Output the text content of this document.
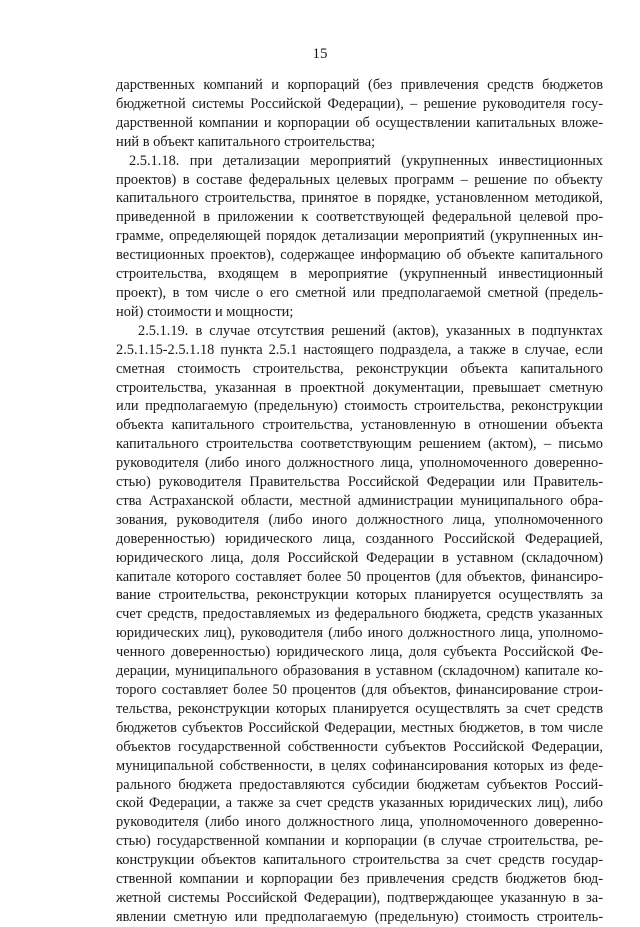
15
дарственных компаний и корпораций (без привлечения средств бюджетов
бюджетной системы Российской Федерации), – решение руководителя госу-
дарственной компании и корпорации об осуществлении капитальных вложе-
ний в объект капитального строительства;
2.5.1.18. при детализации мероприятий (укрупненных инвестиционных
проектов) в составе федеральных целевых программ – решение по объекту
капитального строительства, принятое в порядке, установленном методикой,
приведенной в приложении к соответствующей федеральной целевой про-
грамме, определяющей порядок детализации мероприятий (укрупненных ин-
вестиционных проектов), содержащее информацию об объекте капитального
строительства, входящем в мероприятие (укрупненный инвестиционный
проект), в том числе о его сметной или предполагаемой сметной (предель-
ной) стоимости и мощности;
2.5.1.19. в случае отсутствия решений (актов), указанных в подпунктах
2.5.1.15-2.5.1.18 пункта 2.5.1 настоящего подраздела, а также в случае, если
сметная стоимость строительства, реконструкции объекта капитального
строительства, указанная в проектной документации, превышает сметную
или предполагаемую (предельную) стоимость строительства, реконструкции
объекта капитального строительства, установленную в отношении объекта
капитального строительства соответствующим решением (актом), – письмо
руководителя (либо иного должностного лица, уполномоченного доверенно-
стью) руководителя Правительства Российской Федерации или Правитель-
ства Астраханской области, местной администрации муниципального обра-
зования, руководителя (либо иного должностного лица, уполномоченного
доверенностью) юридического лица, созданного Российской Федерацией,
юридического лица, доля Российской Федерации в уставном (складочном)
капитале которого составляет более 50 процентов (для объектов, финансиро-
вание строительства, реконструкции которых планируется осуществлять за
счет средств, предоставляемых из федерального бюджета, средств указанных
юридических лиц), руководителя (либо иного должностного лица, уполномо-
ченного доверенностью) юридического лица, доля субъекта Российской Фе-
дерации, муниципального образования в уставном (складочном) капитале ко-
торого составляет более 50 процентов (для объектов, финансирование строи-
тельства, реконструкции которых планируется осуществлять за счет средств
бюджетов субъектов Российской Федерации, местных бюджетов, в том числе
объектов государственной собственности субъектов Российской Федерации,
муниципальной собственности, в целях софинансирования которых из феде-
рального бюджета предоставляются субсидии бюджетам субъектов Россий-
ской Федерации, а также за счет средств указанных юридических лиц), либо
руководителя (либо иного должностного лица, уполномоченного доверенно-
стью) государственной компании и корпорации (в случае строительства, ре-
конструкции объектов капитального строительства за счет средств государ-
ственной компании и корпорации без привлечения средств бюджетов бюд-
жетной системы Российской Федерации), подтверждающее указанную в за-
явлении сметную или предполагаемую (предельную) стоимость строитель-
